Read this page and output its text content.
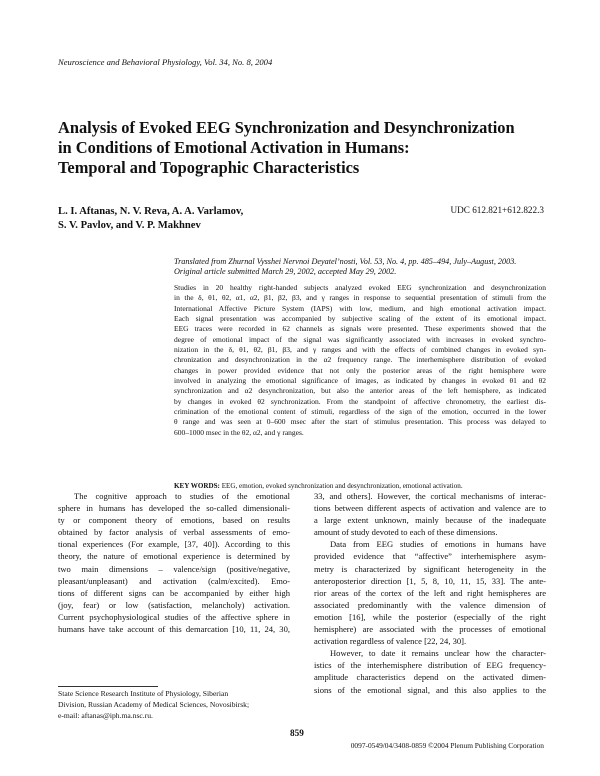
Neuroscience and Behavioral Physiology, Vol. 34, No. 8, 2004
Analysis of Evoked EEG Synchronization and Desynchronization
in Conditions of Emotional Activation in Humans:
Temporal and Topographic Characteristics
L. I. Aftanas, N. V. Reva, A. A. Varlamov,
S. V. Pavlov, and V. P. Makhnev
UDC 612.821+612.822.3
Translated from Zhurnal Vysshei Nervnoi Deyatel’nosti, Vol. 53, No. 4, pp. 485–494, July–August, 2003.
Original article submitted March 29, 2002, accepted May 29, 2002.
Studies in 20 healthy right-handed subjects analyzed evoked EEG synchronization and desynchronization
in the δ, θ1, θ2, α1, α2, β1, β2, β3, and γ ranges in response to sequential presentation of stimuli from the
International Affective Picture System (IAPS) with low, medium, and high emotional activation impact.
Each signal presentation was accompanied by subjective scaling of the extent of its emotional impact.
EEG traces were recorded in 62 channels as signals were presented. These experiments showed that the
degree of emotional impact of the signal was significantly associated with increases in evoked synchro-
nization in the δ, θ1, θ2, β1, β3, and γ ranges and with the effects of combined changes in evoked syn-
chronization and desynchronization in the α2 frequency range. The interhemisphere distribution of evoked
changes in power provided evidence that not only the posterior areas of the right hemisphere were
involved in analyzing the emotional significance of images, as indicated by changes in evoked θ1 and θ2
synchronization and α2 desynchronization, but also the anterior areas of the left hemisphere, as indicated
by changes in evoked θ2 synchronization. From the standpoint of affective chronometry, the earliest dis-
crimination of the emotional content of stimuli, regardless of the sign of the emotion, occurred in the lower
θ range and was seen at 0–600 msec after the start of stimulus presentation. This process was delayed to
600–1000 msec in the θ2, α2, and γ ranges.
KEY WORDS: EEG, emotion, evoked synchronization and desynchronization, emotional activation.
The cognitive approach to studies of the emotional
sphere in humans has developed the so-called dimensionali-
ty or component theory of emotions, based on results
obtained by factor analysis of verbal assessments of emo-
tional experiences (For example, [37, 40]). According to this
theory, the nature of emotional experience is determined by
two main dimensions – valence/sign (positive/negative,
pleasant/unpleasant) and activation (calm/excited). Emo-
tions of different signs can be accompanied by either high
(joy, fear) or low (satisfaction, melancholy) activation.
Current psychophysiological studies of the affective sphere in
humans have take account of this demarcation [10, 11, 24, 30,
33, and others]. However, the cortical mechanisms of interac-
tions between different aspects of activation and valence are to
a large extent unknown, mainly because of the inadequate
amount of study devoted to each of these dimensions.
Data from EEG studies of emotions in humans have
provided evidence that “affective” interhemisphere asym-
metry is characterized by significant heterogeneity in the
anteroposterior direction [1, 5, 8, 10, 11, 15, 33]. The ante-
rior areas of the cortex of the left and right hemispheres are
associated predominantly with the valence dimension of
emotion [16], while the posterior (especially of the right
hemisphere) are associated with the processes of emotional
activation regardless of valence [22, 24, 30].
However, to date it remains unclear how the character-
istics of the interhemisphere distribution of EEG frequency-
amplitude characteristics depend on the activated dimen-
sions of the emotional signal, and this also applies to the
State Science Research Institute of Physiology, Siberian
Division, Russian Academy of Medical Sciences, Novosibirsk;
e-mail: aftanas@iph.ma.nsc.ru.
859
0097-0549/04/3408-0859 ©2004 Plenum Publishing Corporation
